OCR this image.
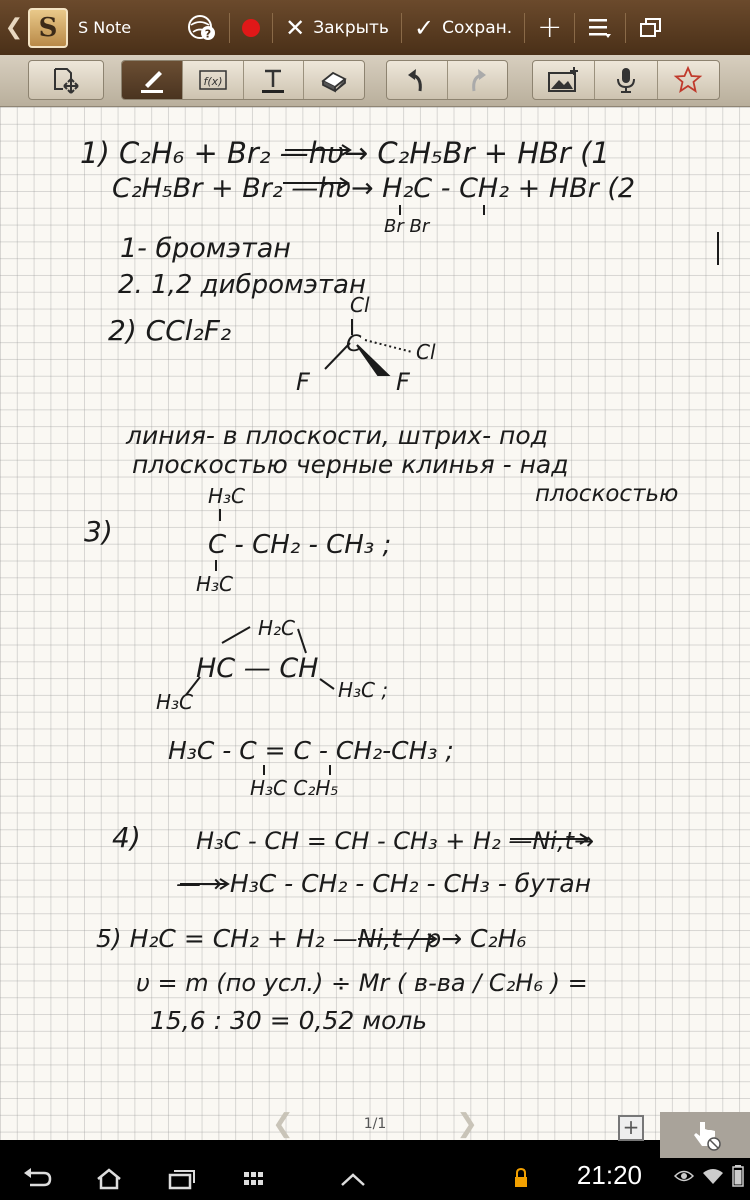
❮ S	S Note	?	✕ Закрыть ✓ Сохран. +
f(x)
1) C₂H₆ + Br₂ —hυ→ C₂H₅Br + HBr (1
C₂H₅Br + Br₂ —hυ→ H₂C - CH₂ + HBr (2
Br Br
1- бромэтан
2. 1,2 дибромэтан
2) CCl₂F₂
Cl
C	Cl
F	F
линия- в плоскости, штрих- под
плоскостью черные клинья - над
плоскостью
3)
H₃C
C - CH₂ - CH₃ ;
H₃C
H₂C
HC — CH
H₃C	H₃C ;
H₃C - C = C - CH₂-CH₃ ;
H₃C C₂H₅
4) H₃C - CH = CH - CH₃ + H₂ —Ni,t→
—→ H₃C - CH₂ - CH₂ - CH₃ - бутан
5) H₂C = CH₂ + H₂ —Ni,t / p→ C₂H₆
υ = m (по усл.) ÷ Mr ( в-ва / C₂H₆ ) =
15,6 : 30 = 0,52 моль
+
❮	1/1	❯
21:20
